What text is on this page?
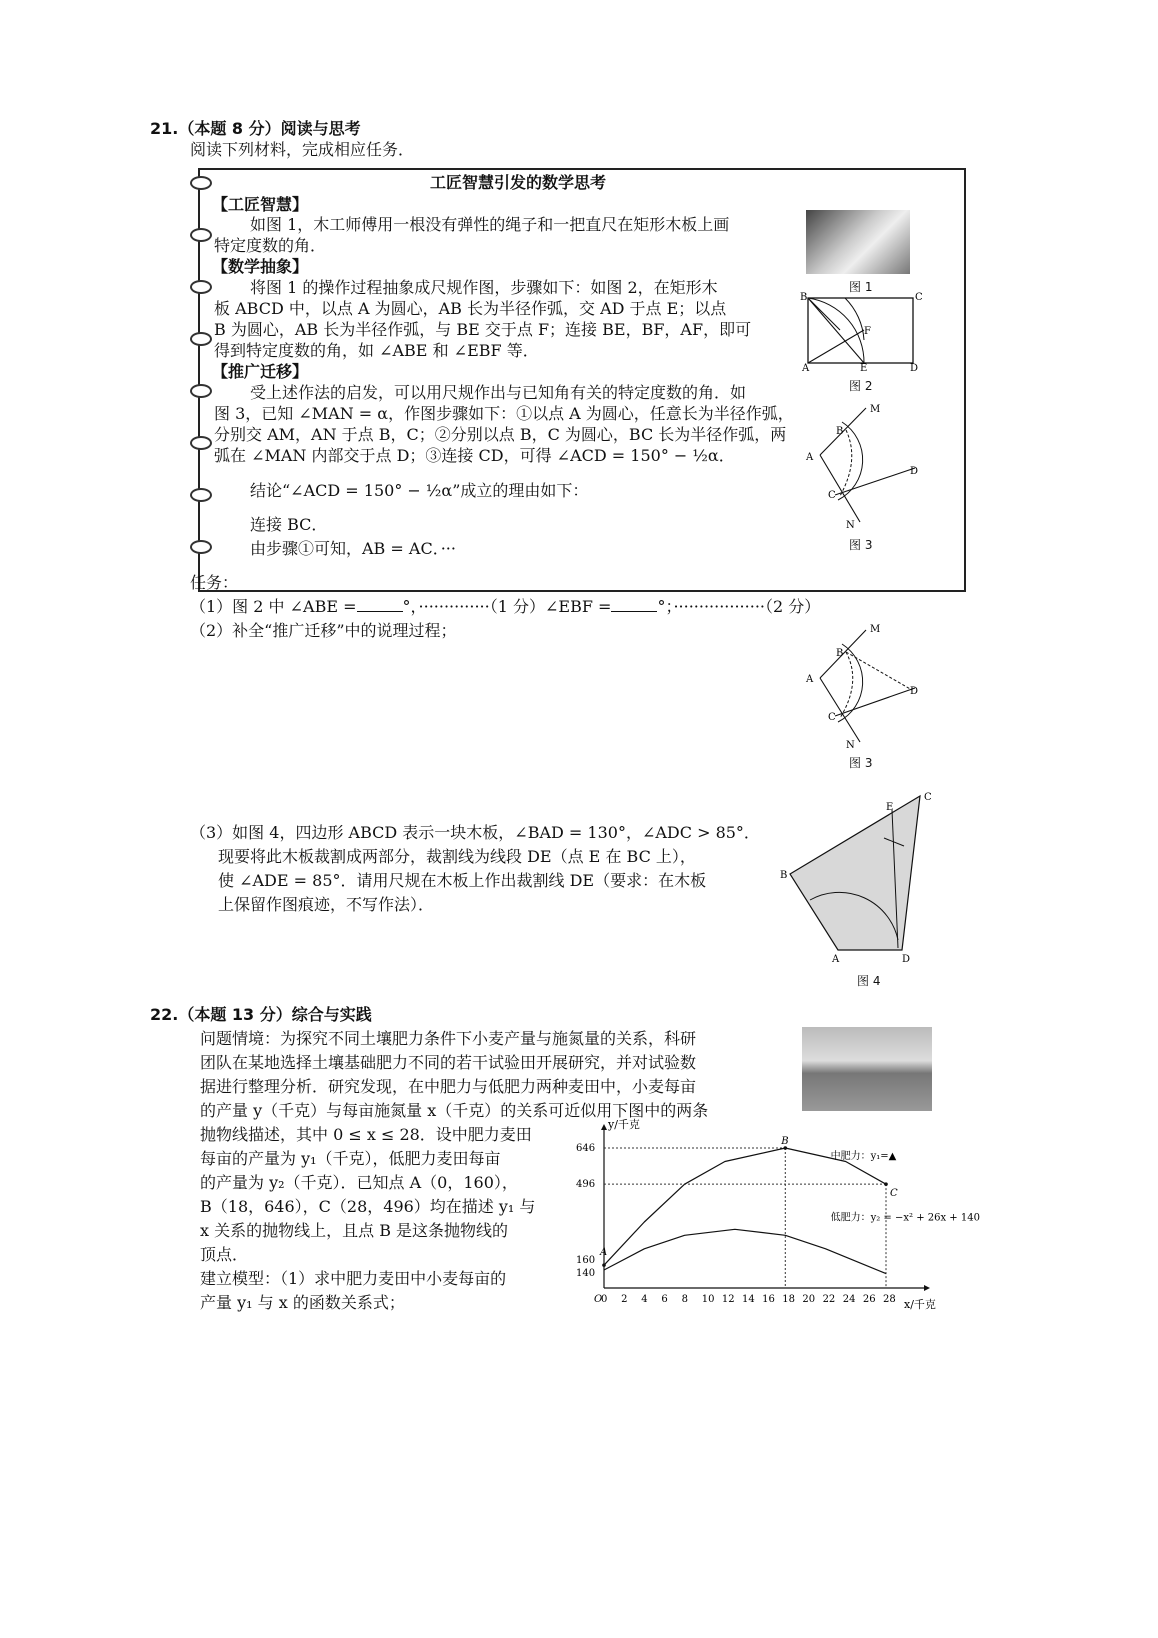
21.（本题 8 分）阅读与思考
阅读下列材料，完成相应任务．
工匠智慧引发的数学思考
【工匠智慧】
如图 1，木工师傅用一根没有弹性的绳子和一把直尺在矩形木板上画
特定度数的角．
【数学抽象】
将图 1 的操作过程抽象成尺规作图，步骤如下：如图 2，在矩形木
板 ABCD 中，以点 A 为圆心，AB 长为半径作弧，交 AD 于点 E；以点
B 为圆心，AB 长为半径作弧，与 BE 交于点 F；连接 BE，BF，AF，即可
得到特定度数的角，如 ∠ABE 和 ∠EBF 等．
【推广迁移】
受上述作法的启发，可以用尺规作出与已知角有关的特定度数的角．如
图 3，已知 ∠MAN = α，作图步骤如下：①以点 A 为圆心，任意长为半径作弧，
分别交 AM，AN 于点 B，C；②分别以点 B，C 为圆心，BC 长为半径作弧，两
弧在 ∠MAN 内部交于点 D；③连接 CD，可得 ∠ACD = 150° − ½α．
结论“∠ACD = 150° − ½α”成立的理由如下：
连接 BC．
由步骤①可知，AB = AC．···
图 1
B	C
F
A	E	D
图 2
M
B
A
C
D
N
图 3
任务：
（1）图 2 中 ∠ABE =	°，··············（1 分）∠EBF =	°；··················（2 分）
（2）补全“推广迁移”中的说理过程；	M
B
A
C
D
N
图 3
（3）如图 4，四边形 ABCD 表示一块木板，∠BAD = 130°，∠ADC > 85°．
现要将此木板裁割成两部分，裁割线为线段 DE（点 E 在 BC 上），
使 ∠ADE = 85°．请用尺规在木板上作出裁割线 DE（要求：在木板
上保留作图痕迹，不写作法）．
B
C
E
A	D
图 4
22.（本题 13 分）综合与实践
问题情境：为探究不同土壤肥力条件下小麦产量与施氮量的关系，科研
团队在某地选择土壤基础肥力不同的若干试验田开展研究，并对试验数
据进行整理分析．研究发现，在中肥力与低肥力两种麦田中，小麦每亩
的产量 y（千克）与每亩施氮量 x（千克）的关系可近似用下图中的两条
抛物线描述，其中 0 ≤ x ≤ 28．设中肥力麦田
每亩的产量为 y₁（千克），低肥力麦田每亩
的产量为 y₂（千克）．已知点 A（0，160），
B（18，646），C（28，496）均在描述 y₁ 与
x 关系的抛物线上，且点 B 是这条抛物线的
顶点．
建立模型：（1）求中肥力麦田中小麦每亩的
产量 y₁ 与 x 的函数关系式；	0 2 4 6 8 10 12 14 16 18 20 22 24 26 28
140
160
496
646
中肥力：y₁=▲
低肥力：y₂ = −x² + 26x + 140
A
B
C
y/千克
x/千克
O
